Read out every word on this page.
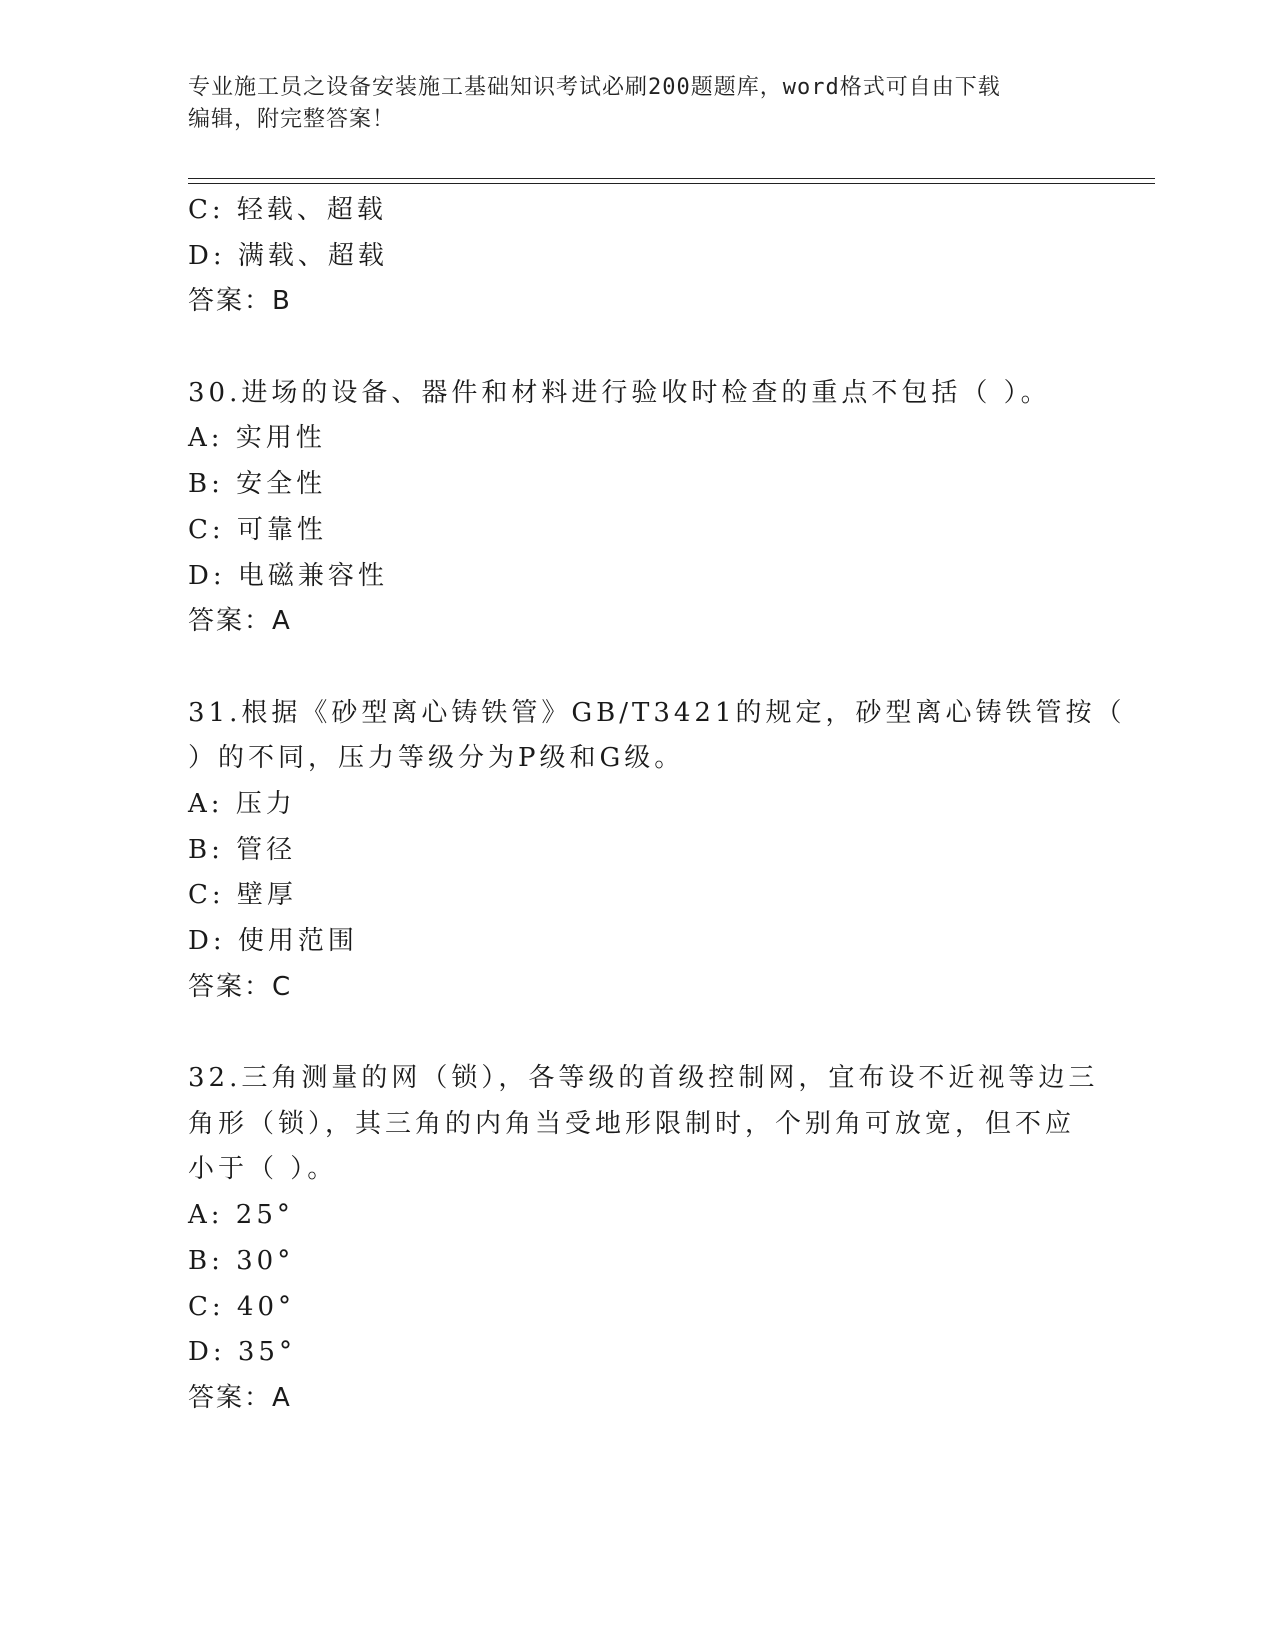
专业施工员之设备安装施工基础知识考试必刷200题题库，word格式可自由下载
编辑，附完整答案！
C: 轻载、超载
D: 满载、超载
答案：B
30.进场的设备、器件和材料进行验收时检查的重点不包括（ ）。
A: 实用性
B: 安全性
C: 可靠性
D: 电磁兼容性
答案：A
31.根据《砂型离心铸铁管》GB/T3421的规定，砂型离心铸铁管按（
）的不同，压力等级分为P级和G级。
A: 压力
B: 管径
C: 壁厚
D: 使用范围
答案：C
32.三角测量的网（锁），各等级的首级控制网，宜布设不近视等边三
角形（锁），其三角的内角当受地形限制时，个别角可放宽，但不应
小于（ ）。
A: 25°
B: 30°
C: 40°
D: 35°
答案：A
